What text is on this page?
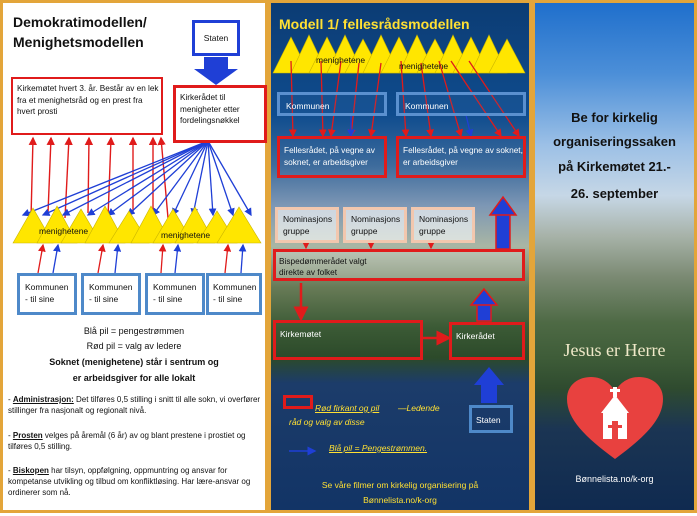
Demokratimodellen/
Menighetsmodellen	Staten
menighetene	menighetene
Kirkemøtet hvert 3. år. Består av en lek fra et menighetsråd og en prest fra hvert prosti
Kirkerådet til menigheter etter fordelingsnøkkel
Kommunen
- til sine
Kommunen
- til sine
Kommunen
- til sine
Kommunen
- til sine
Blå pil = pengestrømmen
Rød pil = valg av ledere
Soknet (menighetene) står i sentrum og
er arbeidsgiver for alle lokalt
- Administrasjon: Det tilføres 0,5 stilling i snitt til alle sokn, vi overfører stillinger fra nasjonalt og regionalt nivå.
- Prosten velges på åremål (6 år) av og blant prestene i prostiet og tilføres 0,5 stilling.
- Biskopen har tilsyn, oppfølgning, oppmuntring og ansvar for kompetanse utvikling og tilbud om konfliktløsing. Har lære-ansvar og ordinerer som nå.
Modell 1/ fellesrådsmodellen
menighetene
menighetene
Kommunen	Kommunen
Fellesrådet, på vegne av soknet, er arbeidsgiver
Fellesrådet, på vegne av soknet, er arbeidsgiver
Nominasjons gruppe
Nominasjons gruppe
Nominasjons gruppe
Bispedømmerådet valgt direkte av folket
Kirkemøtet	Kirkerådet
Staten
Rød firkant og pil —Ledende
råd og valg av disse
Blå pil = Pengestrømmen.
Se våre filmer om kirkelig organisering på
Bønnelista.no/k-org
Be for kirkelig
organiseringssaken
på Kirkemøtet 21.-
26. september
Jesus er Herre
Bønnelista.no/k-org
